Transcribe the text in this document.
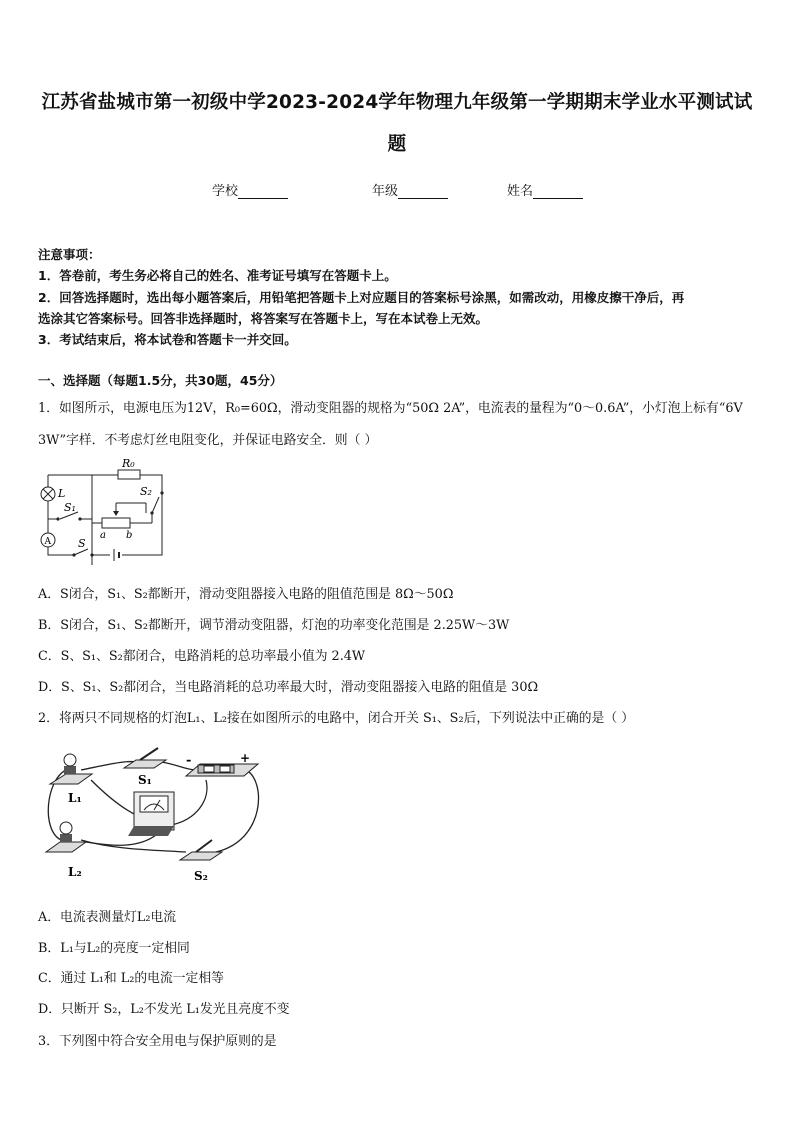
江苏省盐城市第一初级中学2023-2024学年物理九年级第一学期期末学业水平测试试
题
学校	年级	姓名
注意事项：
1．答卷前，考生务必将自己的姓名、准考证号填写在答题卡上。
2．回答选择题时，选出每小题答案后，用铅笔把答题卡上对应题目的答案标号涂黑，如需改动，用橡皮擦干净后，再
选涂其它答案标号。回答非选择题时，将答案写在答题卡上，写在本试卷上无效。
3．考试结束后，将本试卷和答题卡一并交回。
一、选择题（每题1.5分，共30题，45分）
1．如图所示，电源电压为12V，R₀=60Ω，滑动变阻器的规格为“50Ω 2A”，电流表的量程为“0～0.6A”，小灯泡上标有“6V
3W”字样．不考虑灯丝电阻变化，并保证电路安全．则（ ）
R₀
L
S₁
S₂
a b
S
A
A．S闭合，S₁、S₂都断开，滑动变阻器接入电路的阻值范围是 8Ω～50Ω
B．S闭合，S₁、S₂都断开，调节滑动变阻器，灯泡的功率变化范围是 2.25W～3W
C．S、S₁、S₂都闭合，电路消耗的总功率最小值为 2.4W
D．S、S₁、S₂都闭合，当电路消耗的总功率最大时，滑动变阻器接入电路的阻值是 30Ω
2．将两只不同规格的灯泡L₁、L₂接在如图所示的电路中，闭合开关 S₁、S₂后，下列说法中正确的是（ ）
L₁
S₁
-	+
L₂	S₂
A．电流表测量灯L₂电流
B．L₁与L₂的亮度一定相同
C．通过 L₁和 L₂的电流一定相等
D．只断开 S₂，L₂不发光 L₁发光且亮度不变
3．下列图中符合安全用电与保护原则的是
